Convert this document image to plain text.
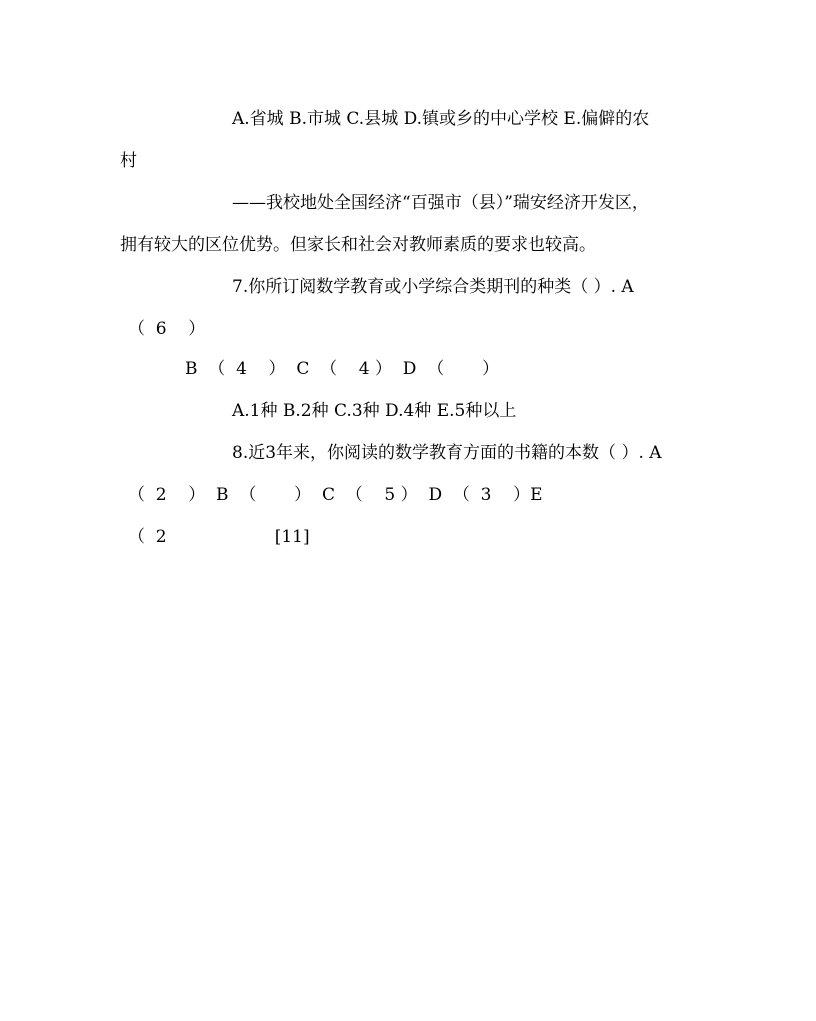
A.省城 B.市城 C.县城 D.镇或乡的中心学校 E.偏僻的农

村

——我校地处全国经济“百强市（县）”瑞安经济开发区，

拥有较大的区位优势。但家长和社会对教师素质的要求也较高。

7.你所订阅数学教育或小学综合类期刊的种类（ ）. A

（  6    ）

B  （  4    ）  C  （    4 ）  D  （       ）

A.1种 B.2种 C.3种 D.4种 E.5种以上

8.近3年来，你阅读的数学教育方面的书籍的本数（ ）. A

（  2    ）  B  （       ）  C  （    5 ）  D  （  3    ）E

（  2                    [11]
